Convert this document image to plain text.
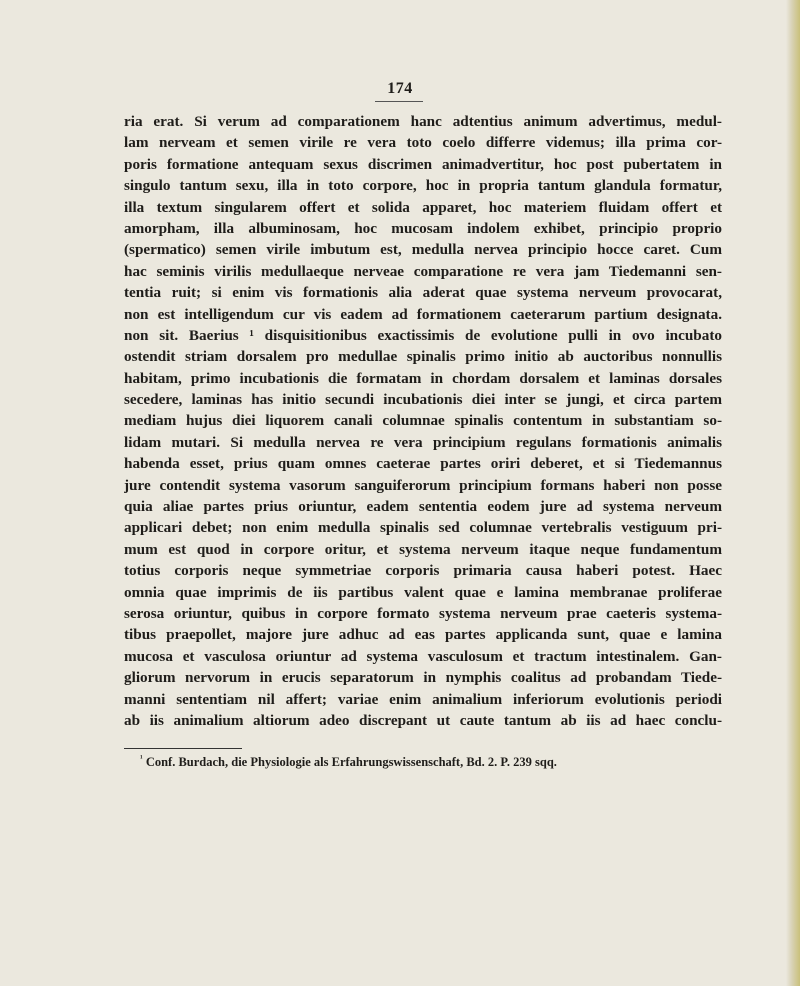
174
ria erat. Si verum ad comparationem hanc adtentius animum advertimus, medul-
lam nerveam et semen virile re vera toto coelo differre videmus; illa prima cor-
poris formatione antequam sexus discrimen animadvertitur, hoc post pubertatem in
singulo tantum sexu, illa in toto corpore, hoc in propria tantum glandula formatur,
illa textum singularem offert et solida apparet, hoc materiem fluidam offert et
amorpham, illa albuminosam, hoc mucosam indolem exhibet, principio proprio
(spermatico) semen virile imbutum est, medulla nervea principio hocce caret. Cum
hac seminis virilis medullaeque nerveae comparatione re vera jam Tiedemanni sen-
tentia ruit; si enim vis formationis alia aderat quae systema nerveum provocarat,
non est intelligendum cur vis eadem ad formationem caeterarum partium designata.
non sit. Baerius ¹ disquisitionibus exactissimis de evolutione pulli in ovo incubato
ostendit striam dorsalem pro medullae spinalis primo initio ab auctoribus nonnullis
habitam, primo incubationis die formatam in chordam dorsalem et laminas dorsales
secedere, laminas has initio secundi incubationis diei inter se jungi, et circa partem
mediam hujus diei liquorem canali columnae spinalis contentum in substantiam so-
lidam mutari. Si medulla nervea re vera principium regulans formationis animalis
habenda esset, prius quam omnes caeterae partes oriri deberet, et si Tiedemannus
jure contendit systema vasorum sanguiferorum principium formans haberi non posse
quia aliae partes prius oriuntur, eadem sententia eodem jure ad systema nerveum
applicari debet; non enim medulla spinalis sed columnae vertebralis vestiguum pri-
mum est quod in corpore oritur, et systema nerveum itaque neque fundamentum
totius corporis neque symmetriae corporis primaria causa haberi potest. Haec
omnia quae imprimis de iis partibus valent quae e lamina membranae proliferae
serosa oriuntur, quibus in corpore formato systema nerveum prae caeteris systema-
tibus praepollet, majore jure adhuc ad eas partes applicanda sunt, quae e lamina
mucosa et vasculosa oriuntur ad systema vasculosum et tractum intestinalem. Gan-
gliorum nervorum in erucis separatorum in nymphis coalitus ad probandam Tiede-
manni sententiam nil affert; variae enim animalium inferiorum evolutionis periodi
ab iis animalium altiorum adeo discrepant ut caute tantum ab iis ad haec conclu-
$^{^1}$ Conf. Burdach, die Physiologie als Erfahrungswissenschaft, Bd. 2. P. 239 sqq.
